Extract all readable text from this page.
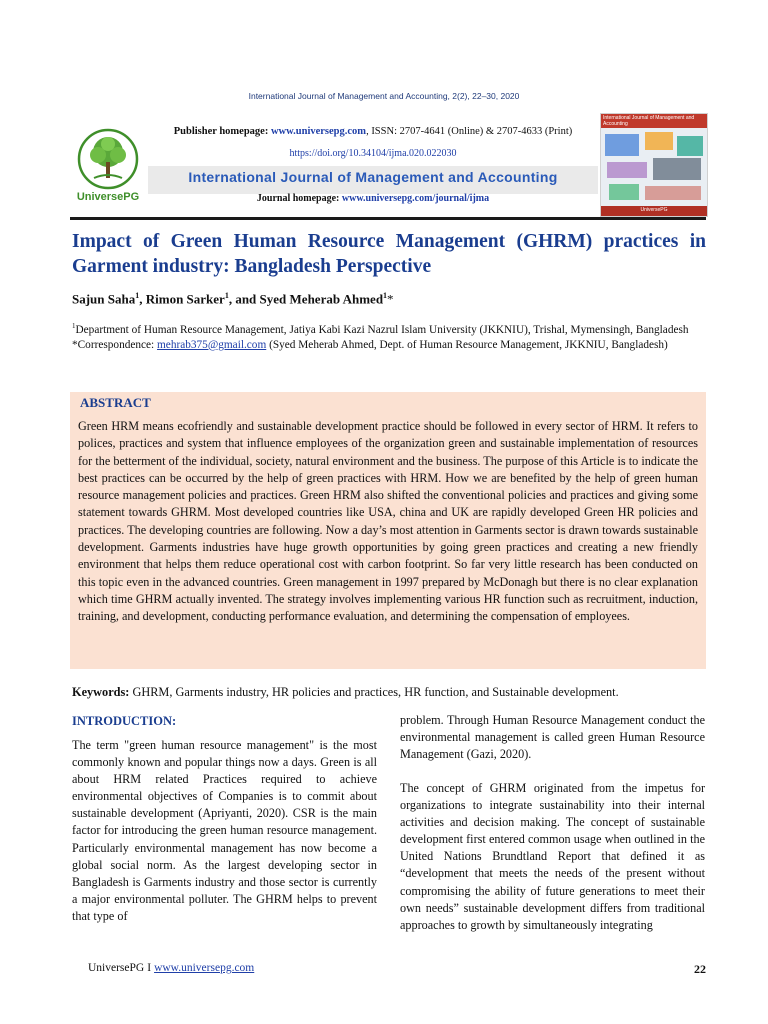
International Journal of Management and Accounting, 2(2), 22–30, 2020
UniversePG
Publisher homepage: www.universepg.com, ISSN: 2707-4641 (Online) & 2707-4633 (Print)
https://doi.org/10.34104/ijma.020.022030
International Journal of Management and Accounting
Journal homepage: www.universepg.com/journal/ijma
International Journal of Management and Accounting
UniversePG
Impact of Green Human Resource Management (GHRM) practices in Garment industry: Bangladesh Perspective
Sajun Saha$^1$, Rimon Sarker$^1$, and Syed Meherab Ahmed$^1$*
$^1$Department of Human Resource Management, Jatiya Kabi Kazi Nazrul Islam University (JKKNIU), Trishal, Mymensingh, Bangladesh
*Correspondence: mehrab375@gmail.com (Syed Meherab Ahmed, Dept. of Human Resource Management, JKKNIU, Bangladesh)
ABSTRACT
Green HRM means ecofriendly and sustainable development practice should be followed in every sector of HRM. It refers to polices, practices and system that influence employees of the organization green and sustainable implementation of resources for the betterment of the individual, society, natural environment and the business. The purpose of this Article is to indicate the best practices can be occurred by the help of green practices with HRM. How we are benefited by the help of green human resource management policies and practices. Green HRM also shifted the conventional policies and practices and giving some statement towards GHRM. Most developed countries like USA, china and UK are rapidly developed Green HR policies and practices. The developing countries are following. Now a day’s most attention in Garments sector is drawn towards sustainable development. Garments industries have huge growth opportunities by going green practices and creating a new friendly environment that helps them reduce operational cost with carbon footprint. So far very little research has been conducted on this topic even in the advanced countries. Green management in 1997 prepared by McDonagh but there is no clear explanation which time GHRM actually invented. The strategy involves implementing various HR function such as recruitment, induction, training, and development, conducting performance evaluation, and determining the compensation of employees.
Keywords: GHRM, Garments industry, HR policies and practices, HR function, and Sustainable development.
INTRODUCTION:
The term "green human resource management" is the most commonly known and popular things now a days. Green is all about HRM related Practices required to achieve environmental objectives of Companies is to commit about sustainable development (Apriyanti, 2020). CSR is the main factor for introducing the green human resource management. Particularly environmental management has now become a global social norm. As the largest developing sector in Bangladesh is Garments industry and those sector is currently a major environmental polluter. The GHRM helps to prevent that type of
problem. Through Human Resource Management conduct the environmental management is called green Human Resource Management (Gazi, 2020).
The concept of GHRM originated from the impetus for organizations to integrate sustainability into their internal activities and decision making. The concept of sustainable development first entered common usage when outlined in the United Nations Brundtland Report that defined it as “development that meets the needs of the present without compromising the ability of future generations to meet their own needs” sustainable development differs from traditional approaches to growth by simultaneously integrating
UniversePG I www.universepg.com	22
